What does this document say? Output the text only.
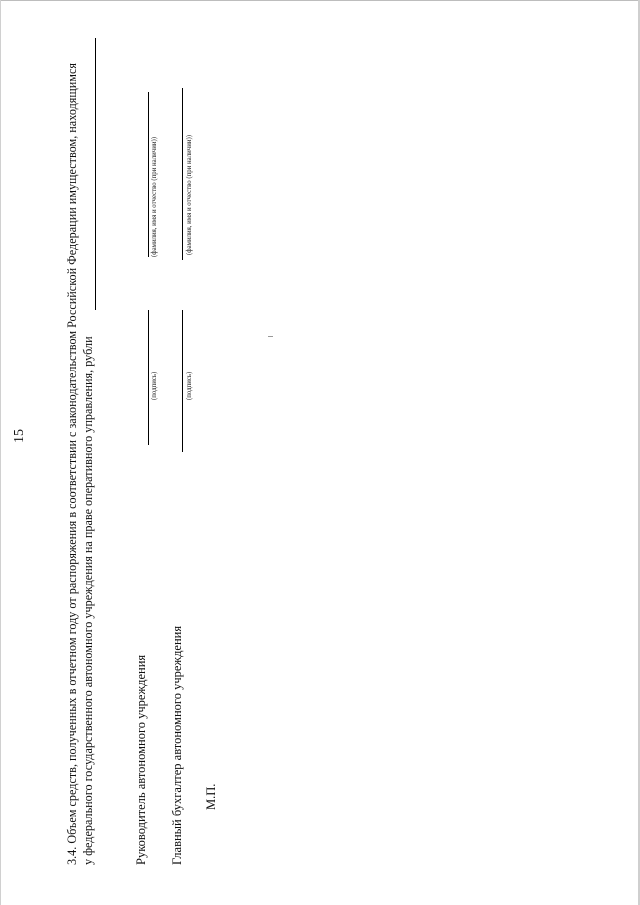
15	3.4. Объем средств, полученных в отчетном году от распоряжения в соответствии с законодательством Российской Федерации имуществом, находящимся у федерального государственного автономного учреждения на праве оперативного управления, рубли	Руководитель автономного учреждения
(подпись)
(фамилия, имя и отчество (при наличии))
Главный бухгалтер автономного учреждения
(подпись)
(фамилия, имя и отчество (при наличии))
М.П.
